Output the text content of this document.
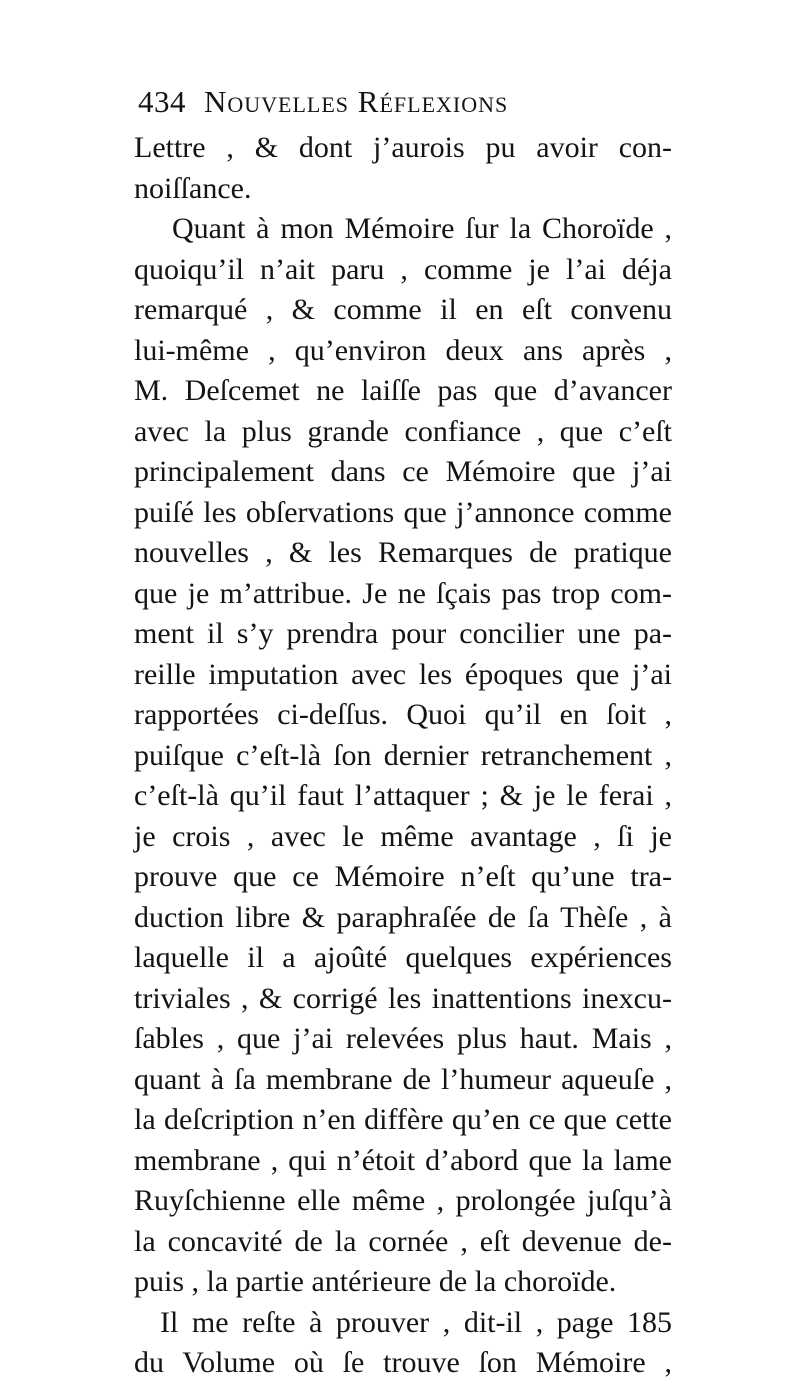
434 Nouvelles Réflexions
Lettre , & dont j’aurois pu avoir con-
noiſſance.
Quant à mon Mémoire ſur la Choroïde ,
quoiqu’il n’ait paru , comme je l’ai déja
remarqué , & comme il en eſt convenu
lui-même , qu’environ deux ans après ,
M. Deſcemet ne laiſſe pas que d’avancer
avec la plus grande confiance , que c’eſt
principalement dans ce Mémoire que j’ai
puiſé les obſervations que j’annonce comme
nouvelles , & les Remarques de pratique
que je m’attribue. Je ne ſçais pas trop com-
ment il s’y prendra pour concilier une pa-
reille imputation avec les époques que j’ai
rapportées ci-deſſus. Quoi qu’il en ſoit ,
puiſque c’eſt-là ſon dernier retranchement ,
c’eſt-là qu’il faut l’attaquer ; & je le ferai ,
je crois , avec le même avantage , ſi je
prouve que ce Mémoire n’eſt qu’une tra-
duction libre & paraphraſée de ſa Thèſe , à
laquelle il a ajoûté quelques expériences
triviales , & corrigé les inattentions inexcu-
ſables , que j’ai relevées plus haut. Mais ,
quant à ſa membrane de l’humeur aqueuſe ,
la deſcription n’en diffère qu’en ce que cette
membrane , qui n’étoit d’abord que la lame
Ruyſchienne elle même , prolongée juſqu’à
la concavité de la cornée , eſt devenue de-
puis , la partie antérieure de la choroïde.
Il me reſte à prouver , dit-il , page 185
du Volume où ſe trouve ſon Mémoire ,
